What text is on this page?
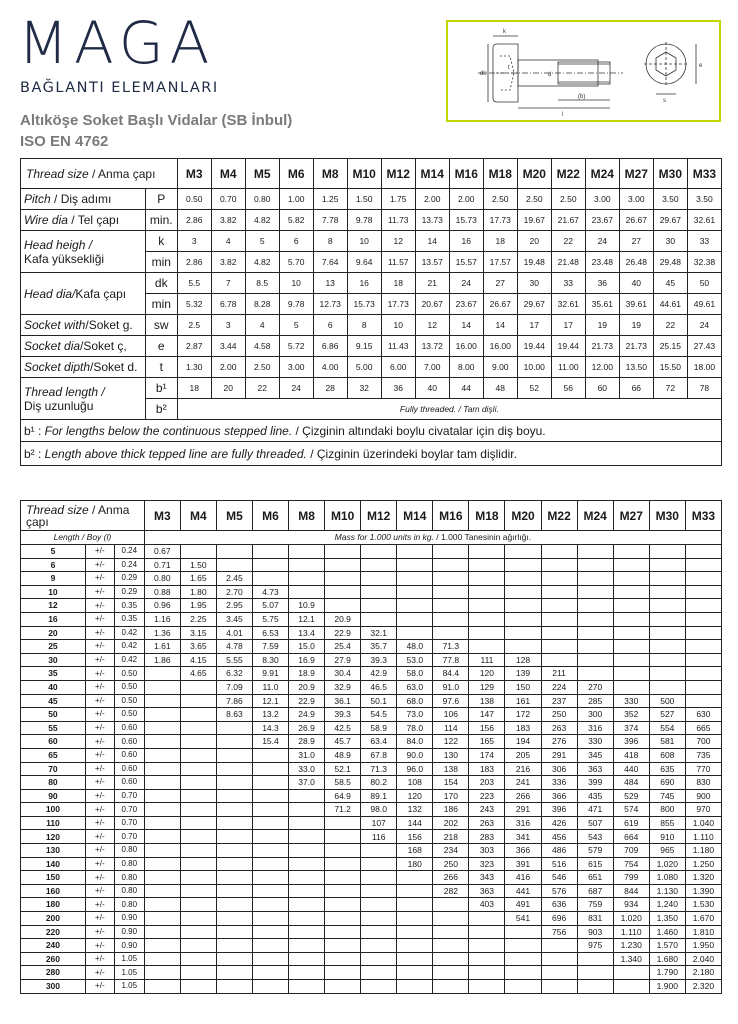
MAGA
BAĞLANTI ELEMANLARI
Altıköşe Soket Başlı Vidalar (SB İnbul)
ISO EN 4762
k
d
dk
t
(b)
l
e
s
Thread size / Anma çapı		M3	M4	M5	M6	M8	M10	M12	M14	M16	M18	M20	M22	M24	M27	M30	M33
Pitch / Diş adımı	P	0.50	0.70	0.80	1.00	1.25	1.50	1.75	2.00	2.00	2.50	2.50	2.50	3.00	3.00	3.50	3.50
Wire dia / Tel çapı	min.	2.86	3.82	4.82	5.82	7.78	9.78	11.73	13.73	15.73	17.73	19.67	21.67	23.67	26.67	29.67	32.61
Head heigh /
Kafa yüksekliği	k	3	4	5	6	8	10	12	14	16	18	20	22	24	27	30	33
	min	2.86	3.82	4.82	5.70	7.64	9.64	11.57	13.57	15.57	17.57	19.48	21.48	23.48	26.48	29.48	32.38
Head dia/Kafa çapı	dk	5.5	7	8.5	10	13	16	18	21	24	27	30	33	36	40	45	50
	min	5.32	6.78	8.28	9.78	12.73	15.73	17.73	20.67	23.67	26.67	29.67	32.61	35.61	39.61	44.61	49.61
Socket with/Soket g.	sw	2.5	3	4	5	6	8	10	12	14	14	17	17	19	19	22	24
Socket dia/Soket ç,	e	2.87	3.44	4.58	5.72	6.86	9.15	11.43	13.72	16.00	16.00	19.44	19.44	21.73	21.73	25.15	27.43
Socket dipth/Soket d.	t	1.30	2.00	2.50	3.00	4.00	5.00	6.00	7.00	8.00	9.00	10.00	11.00	12.00	13.50	15.50	18.00
Thread length /
Diş uzunluğu	b¹	18	20	22	24	28	32	36	40	44	48	52	56	60	66	72	78
	b²	Fully threaded. / Tam dişli.															
b¹ : For lengths below the continuous stepped line. / Çizginin altındaki boylu civatalar için diş boyu.																	
b² : Length above thick tepped line are fully threaded. / Çizginin üzerindeki boylar tam dişlidir.																	
Thread size / Anma çapı			M3	M4	M5	M6	M8	M10	M12	M14	M16	M18	M20	M22	M24	M27	M30	M33
Length / Boy (l)			Mass for 1.000 units in kg. / 1.000 Tanesinin ağırlığı.															
5	+/-	0.24	0.67															
6	+/-	0.24	0.71	1.50														
9	+/-	0.29	0.80	1.65	2.45													
10	+/-	0.29	0.88	1.80	2.70	4.73												
12	+/-	0.35	0.96	1.95	2.95	5.07	10.9											
16	+/-	0.35	1.16	2.25	3.45	5.75	12.1	20.9										
20	+/-	0.42	1.36	3.15	4.01	6.53	13.4	22.9	32.1									
25	+/-	0.42	1.61	3.65	4.78	7.59	15.0	25.4	35.7	48.0	71.3							
30	+/-	0.42	1.86	4.15	5.55	8.30	16.9	27.9	39.3	53.0	77.8	111	128					
35	+/-	0.50		4.65	6.32	9.91	18.9	30.4	42.9	58.0	84.4	120	139	211				
40	+/-	0.50			7.09	11.0	20.9	32.9	46.5	63.0	91.0	129	150	224	270			
45	+/-	0.50			7.86	12.1	22.9	36.1	50.1	68.0	97.6	138	161	237	285	330	500	
50	+/-	0.50			8.63	13.2	24.9	39.3	54.5	73.0	106	147	172	250	300	352	527	630
55	+/-	0.60				14.3	26.9	42.5	58.9	78.0	114	156	183	263	316	374	554	665
60	+/-	0.60				15.4	28.9	45.7	63.4	84.0	122	165	194	276	330	396	581	700
65	+/-	0.60					31.0	48.9	67.8	90.0	130	174	205	291	345	418	608	735
70	+/-	0.60					33.0	52.1	71.3	96.0	138	183	216	306	363	440	635	770
80	+/-	0.60					37.0	58.5	80.2	108	154	203	241	336	399	484	690	830
90	+/-	0.70						64.9	89.1	120	170	223	266	366	435	529	745	900
100	+/-	0.70						71.2	98.0	132	186	243	291	396	471	574	800	970
110	+/-	0.70							107	144	202	263	316	426	507	619	855	1.040
120	+/-	0.70							116	156	218	283	341	456	543	664	910	1.110
130	+/-	0.80								168	234	303	366	486	579	709	965	1.180
140	+/-	0.80								180	250	323	391	516	615	754	1.020	1.250
150	+/-	0.80									266	343	416	546	651	799	1.080	1.320
160	+/-	0.80									282	363	441	576	687	844	1.130	1.390
180	+/-	0.80										403	491	636	759	934	1.240	1.530
200	+/-	0.90											541	696	831	1.020	1.350	1.670
220	+/-	0.90												756	903	1.110	1.460	1.810
240	+/-	0.90													975	1.230	1.570	1.950
260	+/-	1.05														1.340	1.680	2.040
280	+/-	1.05															1.790	2.180
300	+/-	1.05															1.900	2.320
